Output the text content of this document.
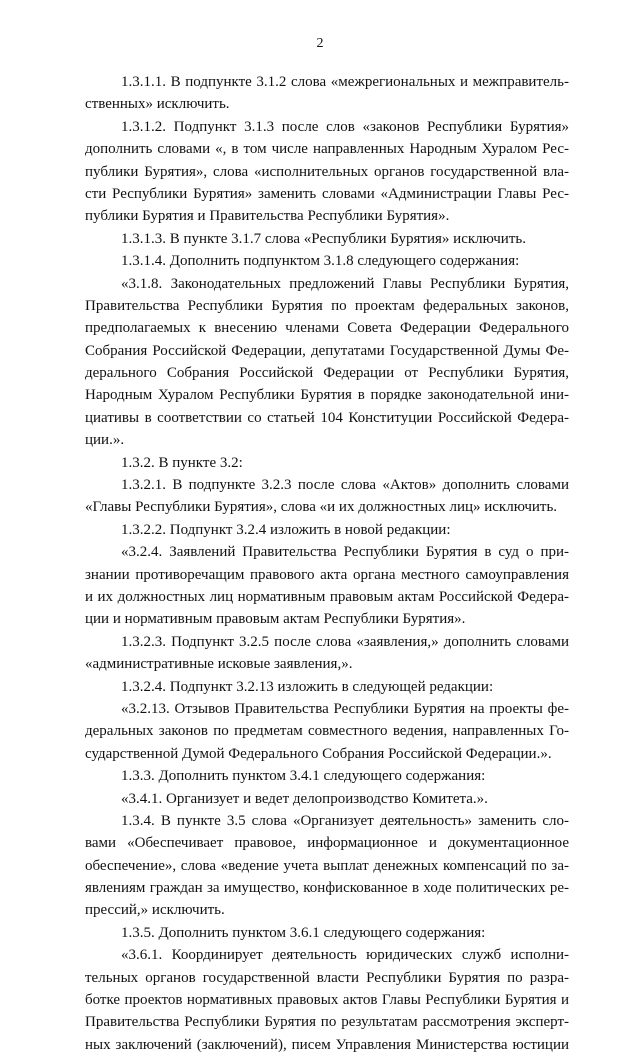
2
1.3.1.1. В подпункте 3.1.2 слова «межрегиональных и межправитель-
ственных» исключить.
1.3.1.2. Подпункт 3.1.3 после слов «законов Республики Бурятия»
дополнить словами «, в том числе направленных Народным Хуралом Рес-
публики Бурятия», слова «исполнительных органов государственной вла-
сти Республики Бурятия» заменить словами «Администрации Главы Рес-
публики Бурятия и Правительства Республики Бурятия».
1.3.1.3. В пункте 3.1.7 слова «Республики Бурятия» исключить.
1.3.1.4. Дополнить подпунктом 3.1.8 следующего содержания:
«3.1.8. Законодательных предложений Главы Республики Бурятия,
Правительства Республики Бурятия по проектам федеральных законов,
предполагаемых к внесению членами Совета Федерации Федерального
Собрания Российской Федерации, депутатами Государственной Думы Фе-
дерального Собрания Российской Федерации от Республики Бурятия,
Народным Хуралом Республики Бурятия в порядке законодательной ини-
циативы в соответствии со статьей 104 Конституции Российской Федера-
ции.».
1.3.2. В пункте 3.2:
1.3.2.1. В подпункте 3.2.3 после слова «Актов» дополнить словами
«Главы Республики Бурятия», слова «и их должностных лиц» исключить.
1.3.2.2. Подпункт 3.2.4 изложить в новой редакции:
«3.2.4. Заявлений Правительства Республики Бурятия в суд о при-
знании противоречащим правового акта органа местного самоуправления
и их должностных лиц нормативным правовым актам Российской Федера-
ции и нормативным правовым актам Республики Бурятия».
1.3.2.3. Подпункт 3.2.5 после слова «заявления,» дополнить словами
«административные исковые заявления,».
1.3.2.4. Подпункт 3.2.13 изложить в следующей редакции:
«3.2.13. Отзывов Правительства Республики Бурятия на проекты фе-
деральных законов по предметам совместного ведения, направленных Го-
сударственной Думой Федерального Собрания Российской Федерации.».
1.3.3. Дополнить пунктом 3.4.1 следующего содержания:
«3.4.1. Организует и ведет делопроизводство Комитета.».
1.3.4. В пункте 3.5 слова «Организует деятельность» заменить сло-
вами «Обеспечивает правовое, информационное и документационное
обеспечение», слова «ведение учета выплат денежных компенсаций по за-
явлениям граждан за имущество, конфискованное в ходе политических ре-
прессий,» исключить.
1.3.5. Дополнить пунктом 3.6.1 следующего содержания:
«3.6.1. Координирует деятельность юридических служб исполни-
тельных органов государственной власти Республики Бурятия по разра-
ботке проектов нормативных правовых актов Главы Республики Бурятия и
Правительства Республики Бурятия по результатам рассмотрения эксперт-
ных заключений (заключений), писем Управления Министерства юстиции
